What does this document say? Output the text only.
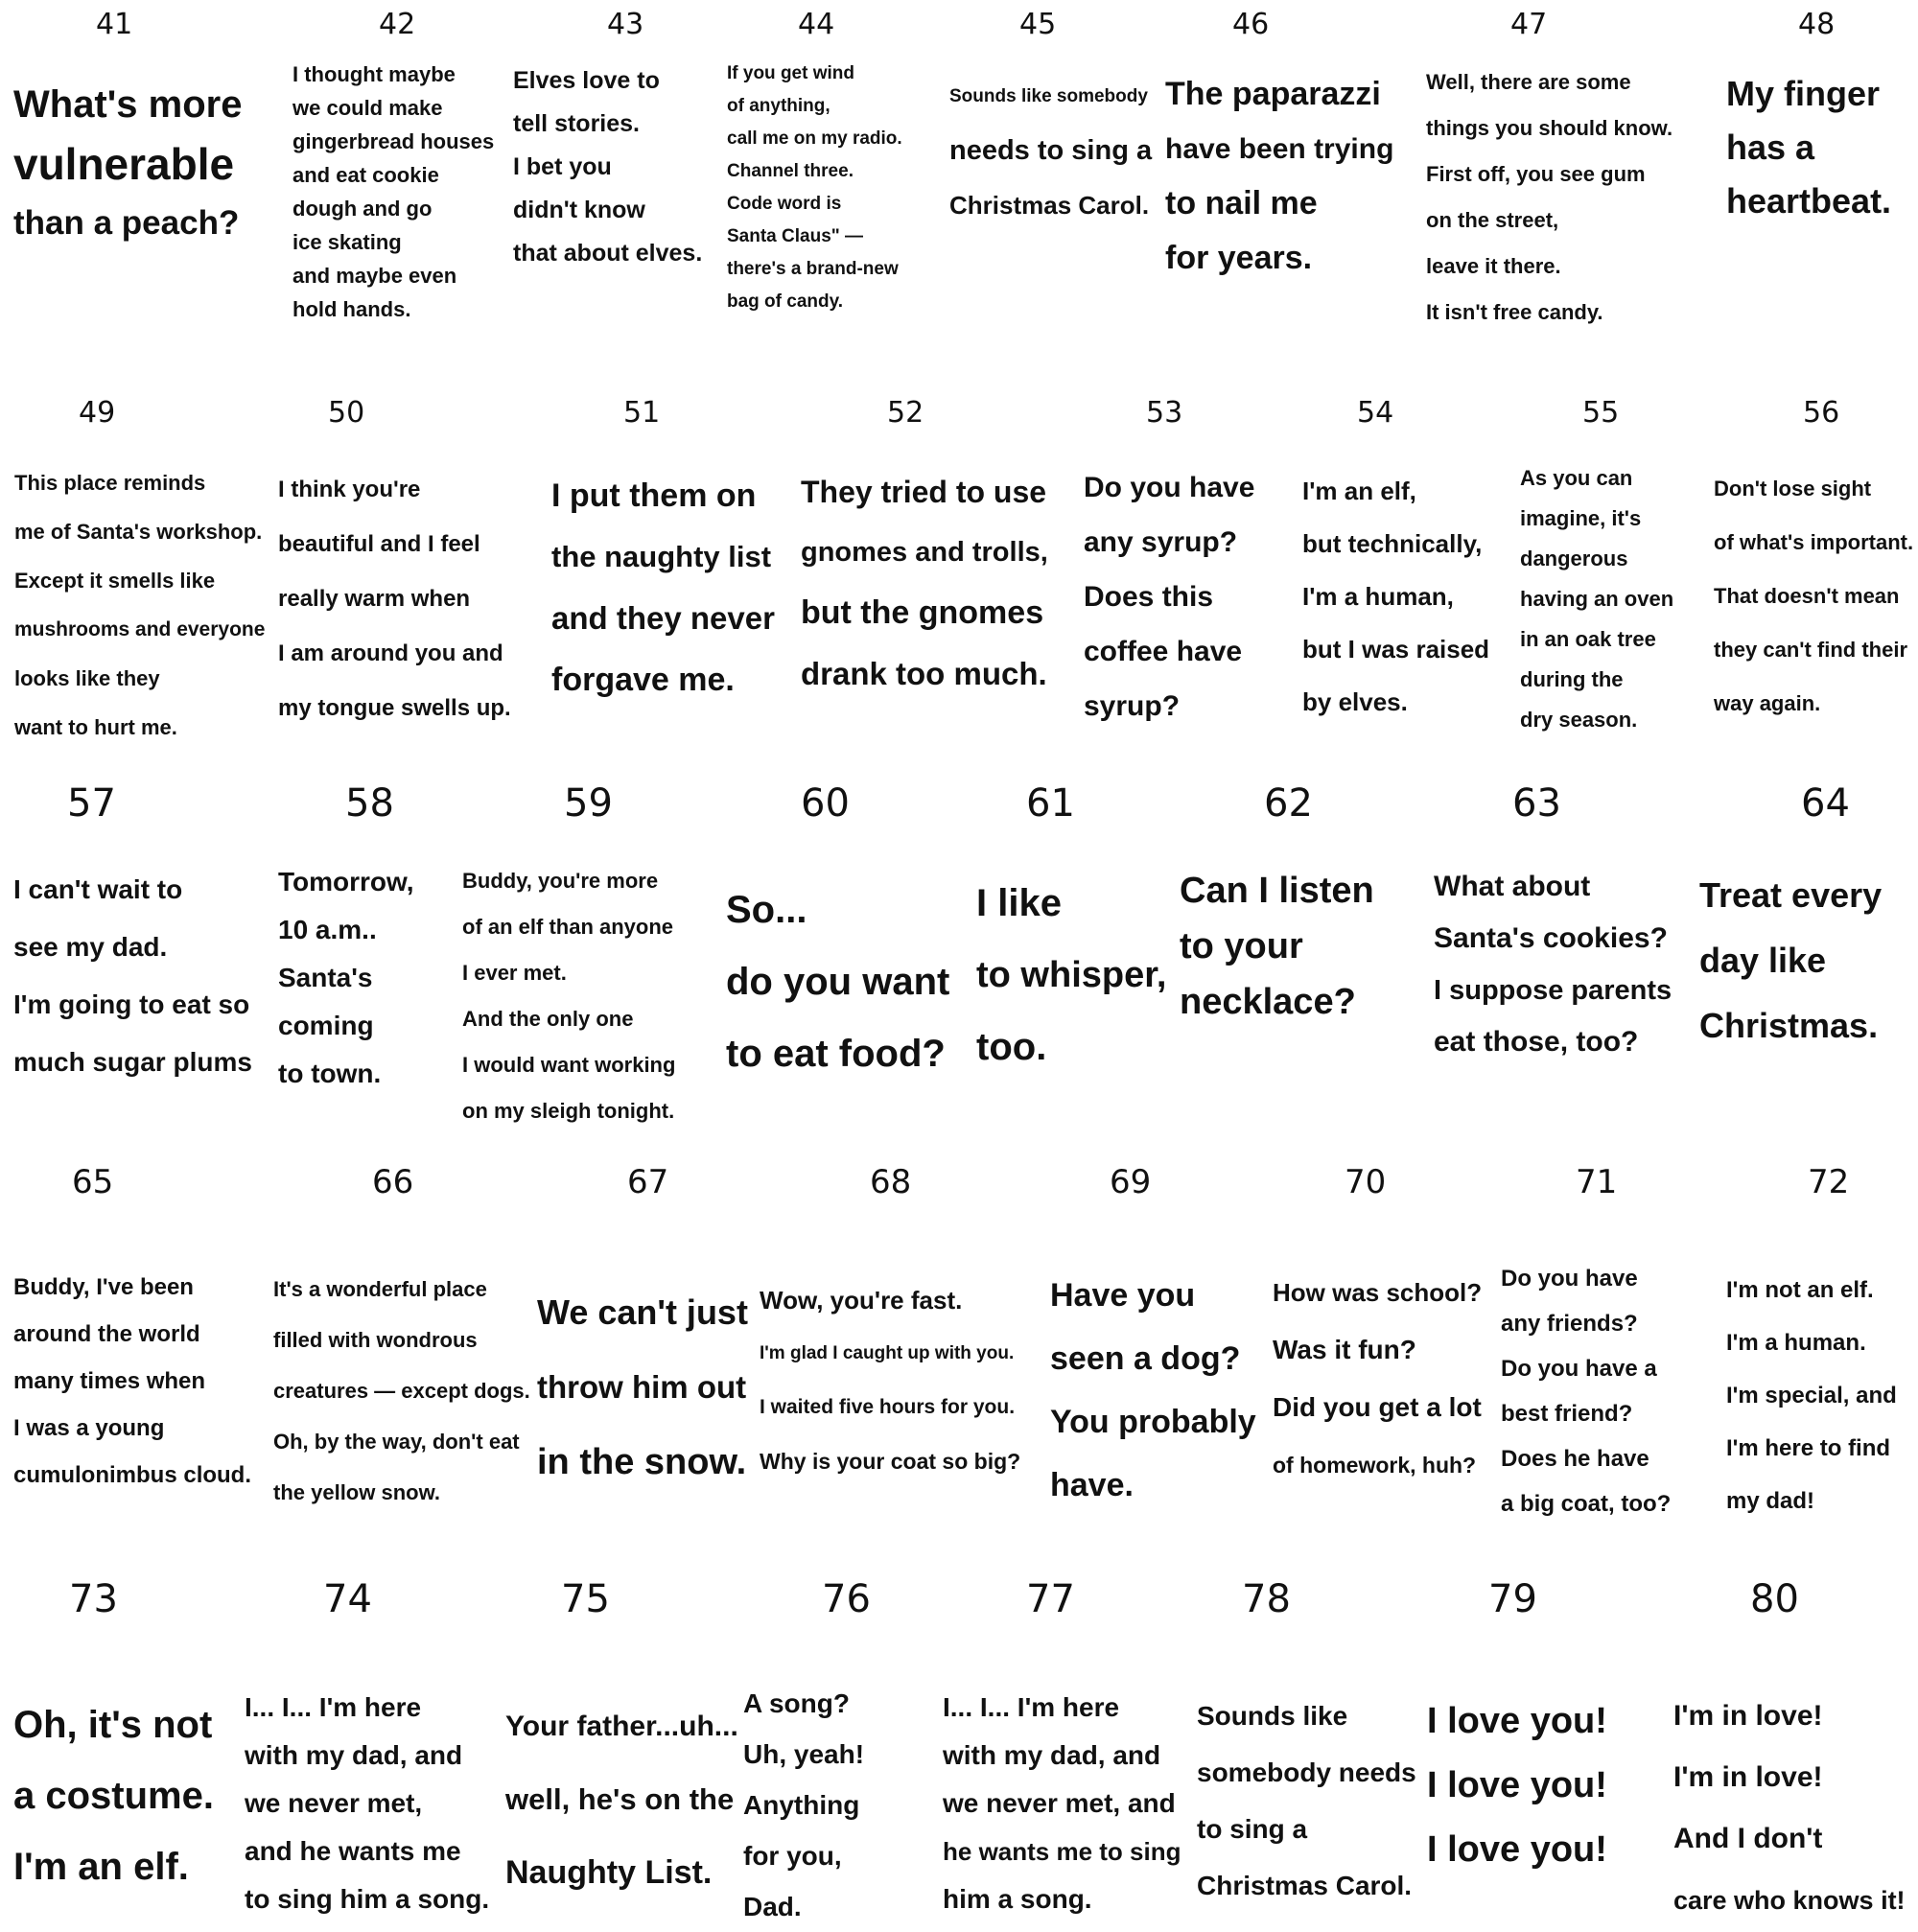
41
What's more
vulnerable
than a peach?
42
I thought maybe
we could make
gingerbread houses
and eat cookie
dough and go
ice skating
and maybe even
hold hands.
43
Elves love to
tell stories.
I bet you
didn't know
that about elves.
44
If you get wind
of anything,
call me on my radio.
Channel three.
Code word is
Santa Claus" —
there's a brand-new
bag of candy.
45
Sounds like somebody
needs to sing a
Christmas Carol.
46
The paparazzi
have been trying
to nail me
for years.
47
Well, there are some
things you should know.
First off, you see gum
on the street,
leave it there.
It isn't free candy.
48
My finger
has a
heartbeat.
49
This place reminds
me of Santa's workshop.
Except it smells like
mushrooms and everyone
looks like they
want to hurt me.
50
I think you're
beautiful and I feel
really warm when
I am around you and
my tongue swells up.
51
I put them on
the naughty list
and they never
forgave me.
52
They tried to use
gnomes and trolls,
but the gnomes
drank too much.
53
Do you have
any syrup?
Does this
coffee have
syrup?
54
I'm an elf,
but technically,
I'm a human,
but I was raised
by elves.
55
As you can
imagine, it's
dangerous
having an oven
in an oak tree
during the
dry season.
56
Don't lose sight
of what's important.
That doesn't mean
they can't find their
way again.
57
I can't wait to
see my dad.
I'm going to eat so
much sugar plums
58
Tomorrow,
10 a.m..
Santa's
coming
to town.
59
Buddy, you're more
of an elf than anyone
I ever met.
And the only one
I would want working
on my sleigh tonight.
60
So...
do you want
to eat food?
61
I like
to whisper,
too.
62
Can I listen
to your
necklace?
63
What about
Santa's cookies?
I suppose parents
eat those, too?
64
Treat every
day like
Christmas.
65
Buddy, I've been
around the world
many times when
I was a young
cumulonimbus cloud.
66
It's a wonderful place
filled with wondrous
creatures — except dogs.
Oh, by the way, don't eat
the yellow snow.
67
We can't just
throw him out
in the snow.
68
Wow, you're fast.
I'm glad I caught up with you.
I waited five hours for you.
Why is your coat so big?
69
Have you
seen a dog?
You probably
have.
70
How was school?
Was it fun?
Did you get a lot
of homework, huh?
71
Do you have
any friends?
Do you have a
best friend?
Does he have
a big coat, too?
72
I'm not an elf.
I'm a human.
I'm special, and
I'm here to find
my dad!
73
Oh, it's not
a costume.
I'm an elf.
74
I... I... I'm here
with my dad, and
we never met,
and he wants me
to sing him a song.
75
Your father...uh...
well, he's on the
Naughty List.
76
A song?
Uh, yeah!
Anything
for you,
Dad.
77
I... I... I'm here
with my dad, and
we never met, and
he wants me to sing
him a song.
78
Sounds like
somebody needs
to sing a
Christmas Carol.
79
I love you!
I love you!
I love you!
80
I'm in love!
I'm in love!
And I don't
care who knows it!
